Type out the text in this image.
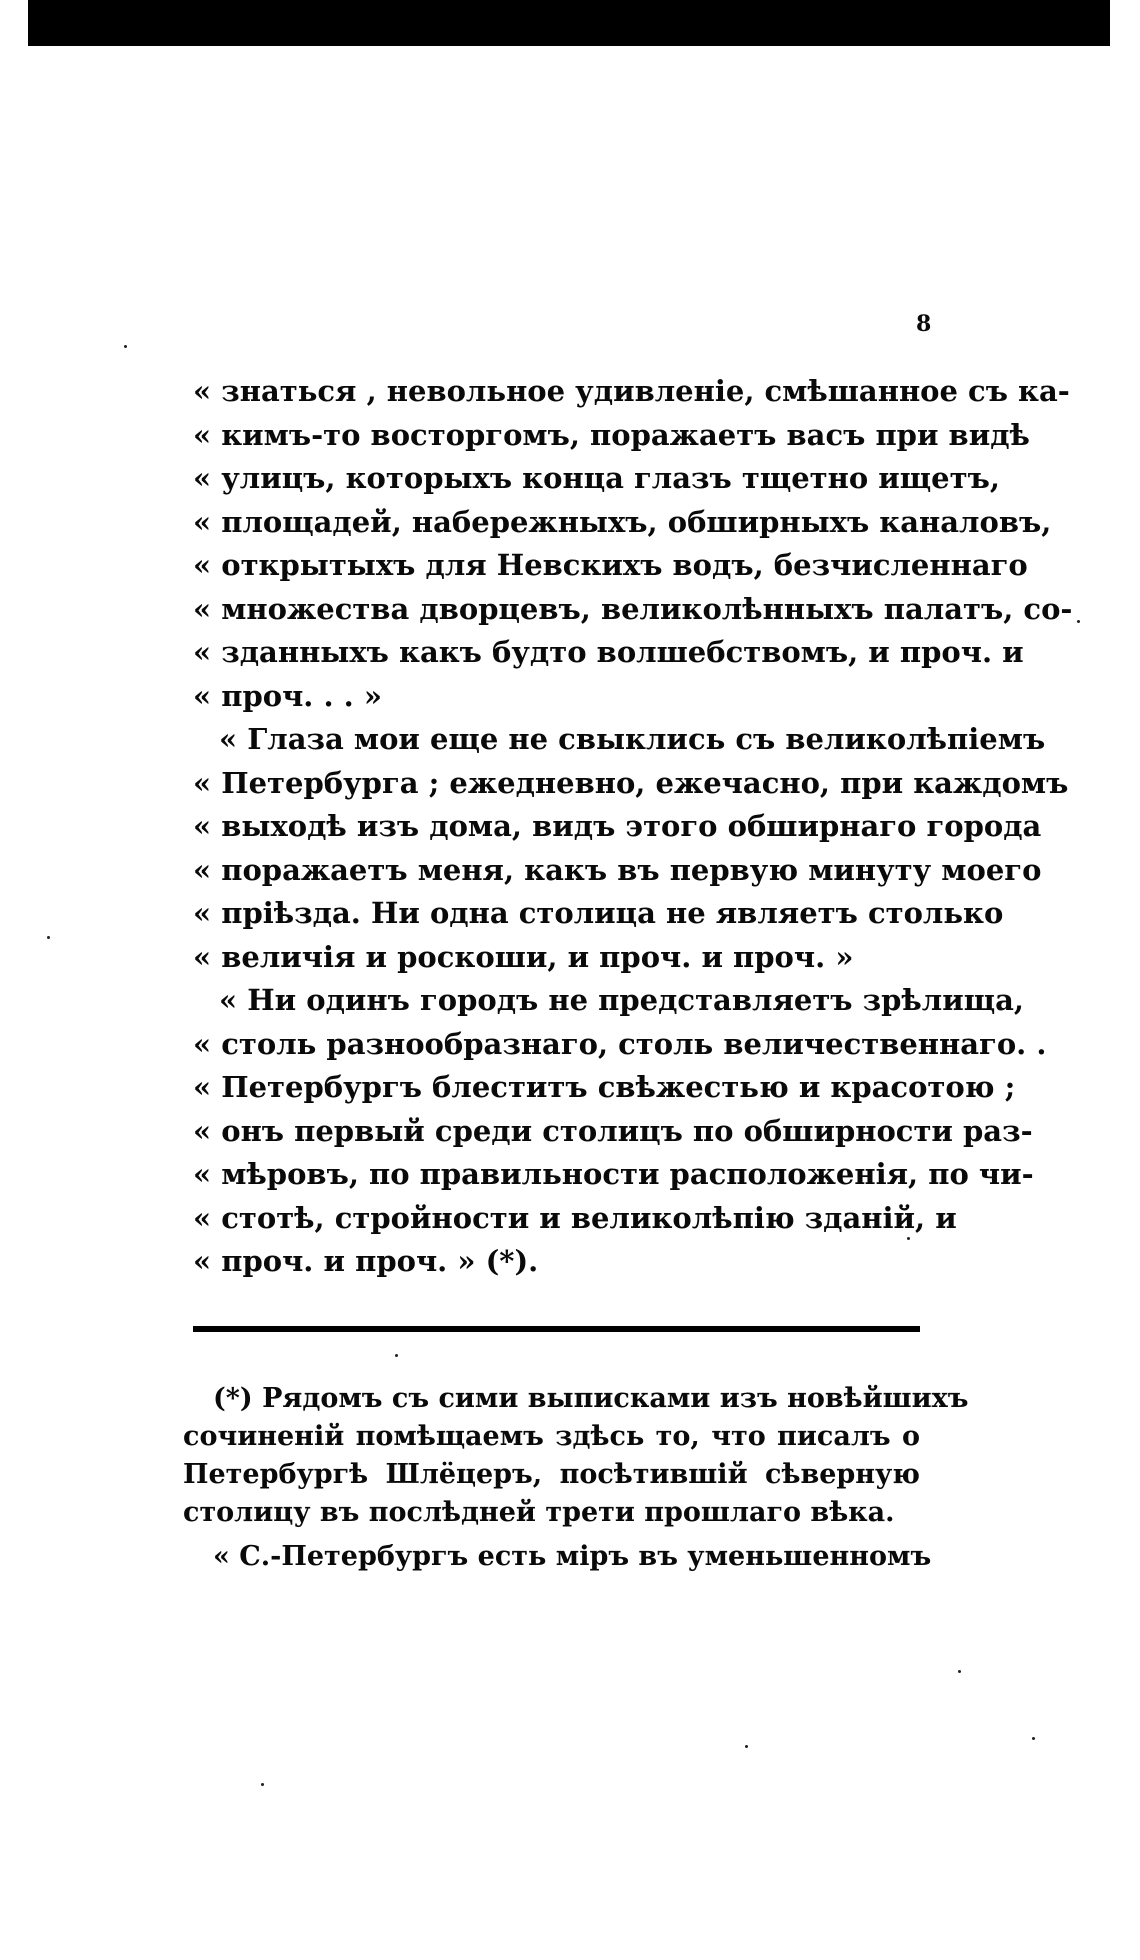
8
« знаться , невольное удивленіе, смѣшанное съ ка-
« кимъ-то восторгомъ, поражаетъ васъ при видѣ
« улицъ, которыхъ конца глазъ тщетно ищетъ,
« площадей, набережныхъ, обширныхъ каналовъ,
« открытыхъ для Невскихъ водъ, безчисленнаго
« множества дворцевъ, великолѣнныхъ палатъ, со-
« зданныхъ какъ будто волшебствомъ, и проч. и
« проч. . . »
« Глаза мои еще не свыклись съ великолѣпіемъ
« Петербурга ; ежедневно, ежечасно, при каждомъ
« выходѣ изъ дома, видъ этого обширнаго города
« поражаетъ меня, какъ въ первую минуту моего
« пріѣзда. Ни одна столица не являетъ столько
« величія и роскоши, и проч. и проч. »
« Ни одинъ городъ не представляетъ зрѣлища,
« столь разнообразнаго, столь величественнаго. .
« Петербургъ блеститъ свѣжестью и красотою ;
« онъ первый среди столицъ по обширности раз-
« мѣровъ, по правильности расположенія, по чи-
« стотѣ, стройности и великолѣпію зданій, и
« проч. и проч. » (*).
(*) Рядомъ съ сими выписками изъ новѣйшихъ
сочиненій помѣщаемъ здѣсь то, что писалъ о
Петербургѣ Шлёцеръ, посѣтившій сѣверную
столицу въ послѣдней трети прошлаго вѣка.
« С.-Петербургъ есть міръ въ уменьшенномъ
